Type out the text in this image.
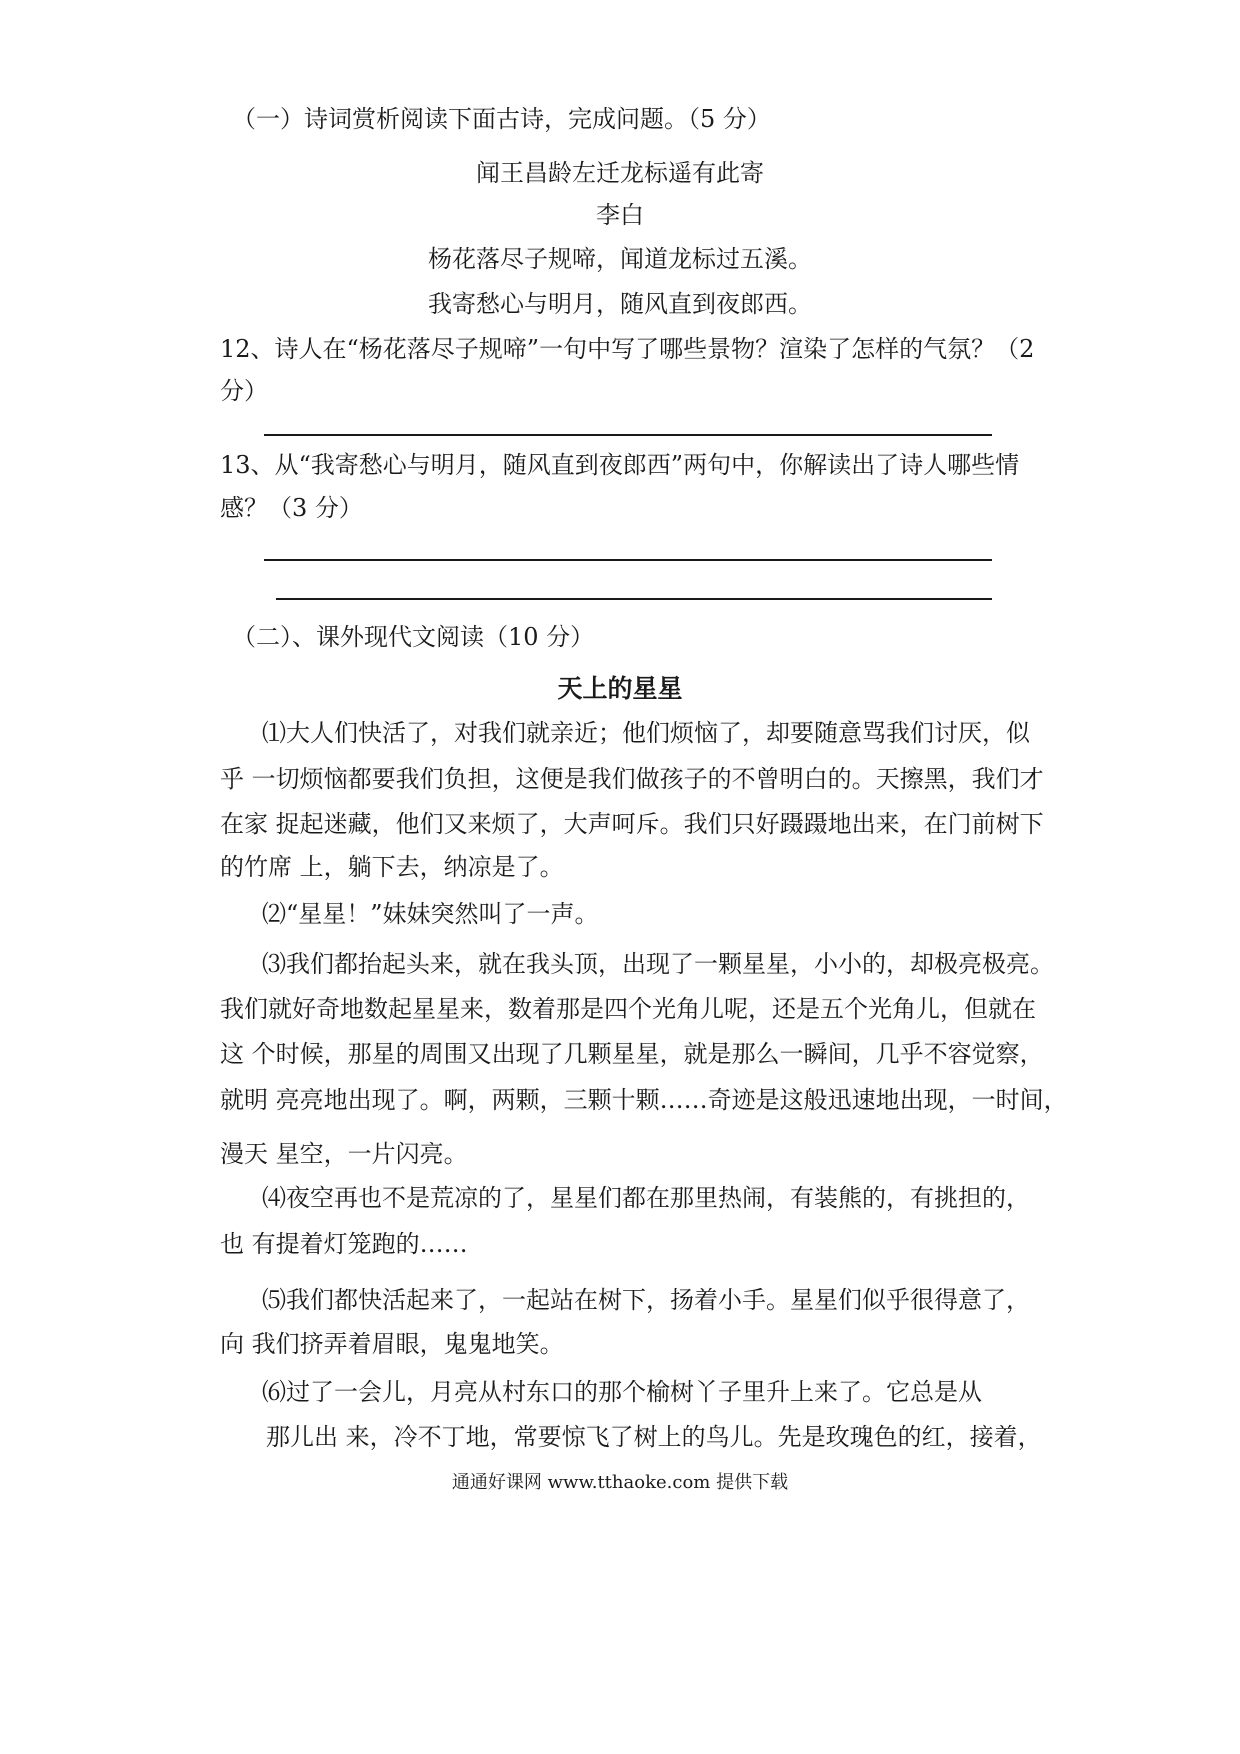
（一）诗词赏析阅读下面古诗，完成问题。（5 分）
闻王昌龄左迁龙标遥有此寄
李白
杨花落尽子规啼，闻道龙标过五溪。
我寄愁心与明月，随风直到夜郎西。
12、诗人在“杨花落尽子规啼”一句中写了哪些景物？渲染了怎样的气氛？（2
分）
13、从“我寄愁心与明月，随风直到夜郎西”两句中，你解读出了诗人哪些情
感？（3 分）
（二）、课外现代文阅读（10 分）
天上的星星
⑴大人们快活了，对我们就亲近；他们烦恼了，却要随意骂我们讨厌，似
乎 一切烦恼都要我们负担，这便是我们做孩子的不曾明白的。天擦黑，我们才
在家 捉起迷藏，他们又来烦了，大声呵斥。我们只好蹑蹑地出来，在门前树下
的竹席 上，躺下去，纳凉是了。
⑵“星星！”妹妹突然叫了一声。
⑶我们都抬起头来，就在我头顶，出现了一颗星星，小小的，却极亮极亮。
我们就好奇地数起星星来，数着那是四个光角儿呢，还是五个光角儿，但就在
这 个时候，那星的周围又出现了几颗星星，就是那么一瞬间，几乎不容觉察，
就明 亮亮地出现了。啊，两颗，三颗十颗……奇迹是这般迅速地出现，一时间，
漫天 星空，一片闪亮。
⑷夜空再也不是荒凉的了，星星们都在那里热闹，有装熊的，有挑担的，
也 有提着灯笼跑的……
⑸我们都快活起来了，一起站在树下，扬着小手。星星们似乎很得意了，
向 我们挤弄着眉眼，鬼鬼地笑。
⑹过了一会儿，月亮从村东口的那个榆树丫子里升上来了。它总是从
那儿出 来，冷不丁地，常要惊飞了树上的鸟儿。先是玫瑰色的红，接着，
通通好课网 www.tthaoke.com 提供下载
